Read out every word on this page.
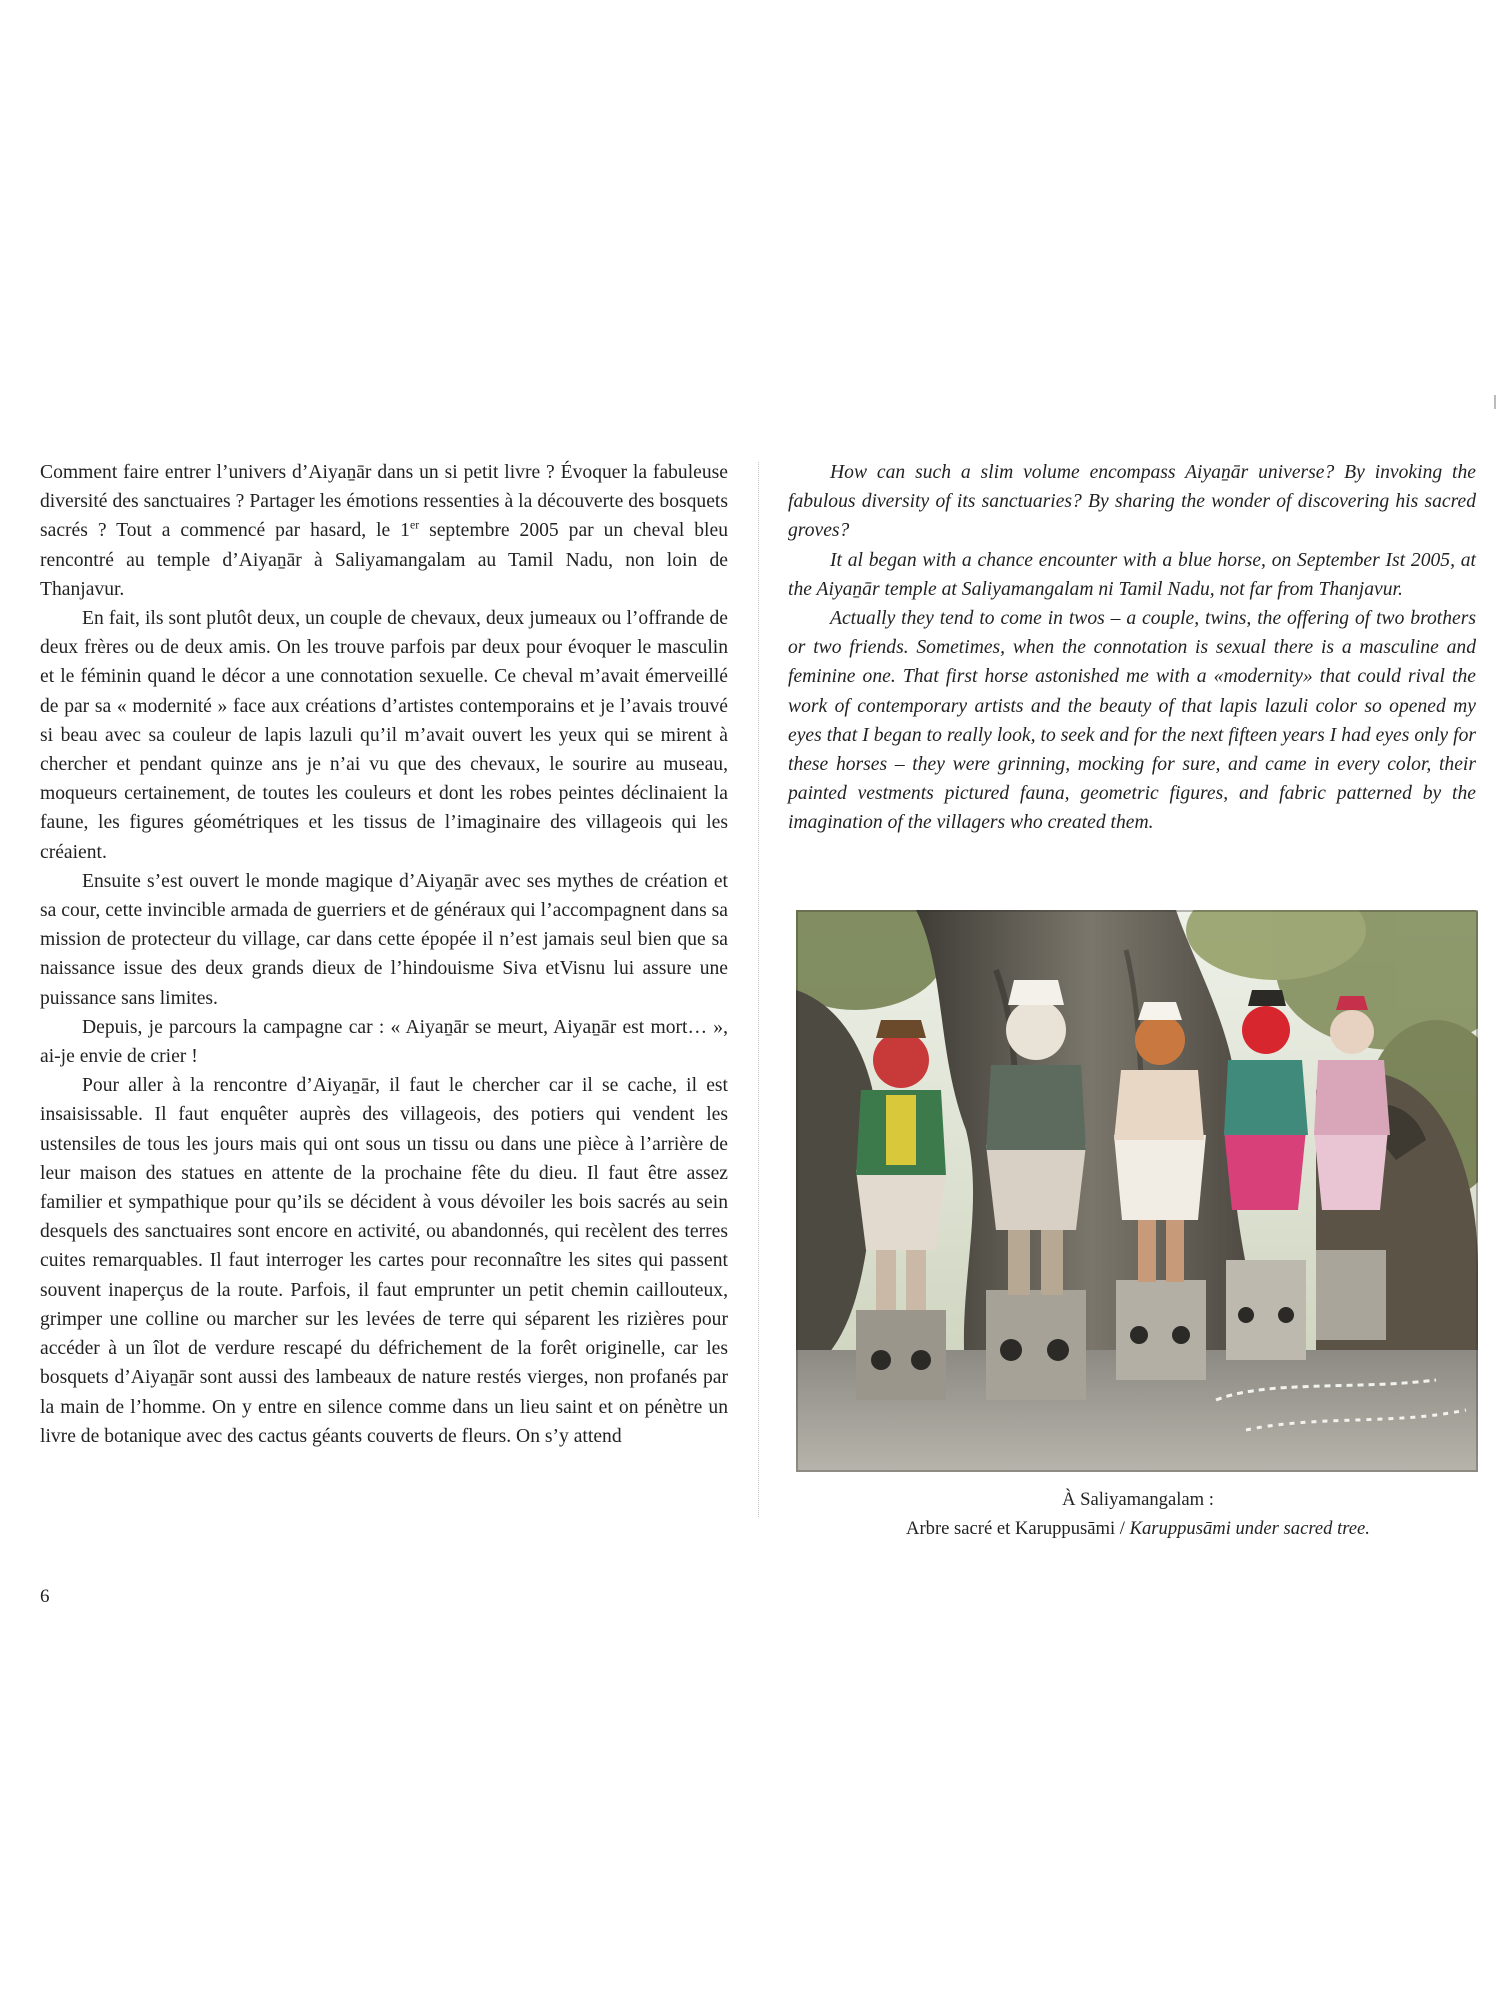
Comment faire entrer l’univers d’Aiyaṉār dans un si petit livre ? Évoquer la fabuleuse diversité des sanctuaires ? Partager les émotions ressenties à la découverte des bosquets sacrés ? Tout a commencé par hasard, le 1er septembre 2005 par un cheval bleu rencontré au temple d’Aiyaṉār à Saliyamangalam au Tamil Nadu, non loin de Thanjavur.

En fait, ils sont plutôt deux, un couple de chevaux, deux jumeaux ou l’offrande de deux frères ou de deux amis. On les trouve parfois par deux pour évoquer le masculin et le féminin quand le décor a une connotation sexuelle. Ce cheval m’avait émerveillé de par sa « modernité » face aux créations d’artistes contemporains et je l’avais trouvé si beau avec sa couleur de lapis lazuli qu’il m’avait ouvert les yeux qui se mirent à chercher et pendant quinze ans je n’ai vu que des chevaux, le sourire au museau, moqueurs certainement, de toutes les couleurs et dont les robes peintes déclinaient la faune, les figures géométriques et les tissus de l’imaginaire des villageois qui les créaient.

Ensuite s’est ouvert le monde magique d’Aiyaṉār avec ses mythes de création et sa cour, cette invincible armada de guerriers et de généraux qui l’accompagnent dans sa mission de protecteur du village, car dans cette épopée il n’est jamais seul bien que sa naissance issue des deux grands dieux de l’hindouisme Siva etVisnu lui assure une puissance sans limites.

Depuis, je parcours la campagne car : « Aiyaṉār se meurt, Aiyaṉār est mort… », ai-je envie de crier !

Pour aller à la rencontre d’Aiyaṉār, il faut le chercher car il se cache, il est insaisissable. Il faut enquêter auprès des villageois, des potiers qui vendent les ustensiles de tous les jours mais qui ont sous un tissu ou dans une pièce à l’arrière de leur maison des statues en attente de la prochaine fête du dieu. Il faut être assez familier et sympathique pour qu’ils se décident à vous dévoiler les bois sacrés au sein desquels des sanctuaires sont encore en activité, ou abandonnés, qui recèlent des terres cuites remarquables. Il faut interroger les cartes pour reconnaître les sites qui passent souvent inaperçus de la route. Parfois, il faut emprunter un petit chemin caillouteux, grimper une colline ou marcher sur les levées de terre qui séparent les rizières pour accéder à un îlot de verdure rescapé du défrichement de la forêt originelle, car les bosquets d’Aiyaṉār sont aussi des lambeaux de nature restés vierges, non profanés par la main de l’homme. On y entre en silence comme dans un lieu saint et on pénètre un livre de botanique avec des cactus géants couverts de fleurs. On s’y attend

How can such a slim volume encompass Aiyaṉār universe? By invoking the fabulous diversity of its sanctuaries? By sharing the wonder of discovering his sacred groves?

It al began with a chance encounter with a blue horse, on September Ist 2005, at the Aiyaṉār temple at Saliyamangalam ni Tamil Nadu, not far from Thanjavur.

Actually they tend to come in twos – a couple, twins, the offering of two brothers or two friends. Sometimes, when the connotation is sexual there is a masculine and feminine one. That first horse astonished me with a «modernity» that could rival the work of contemporary artists and the beauty of that lapis lazuli color so opened my eyes that I began to really look, to seek and for the next fifteen years I had eyes only for these horses – they were grinning, mocking for sure, and came in every color, their painted vestments pictured fauna, geometric figures, and fabric patterned by the imagination of the villagers who created them.

À Saliyamangalam :
Arbre sacré et Karuppusāmi / Karuppusāmi under sacred tree.
6
